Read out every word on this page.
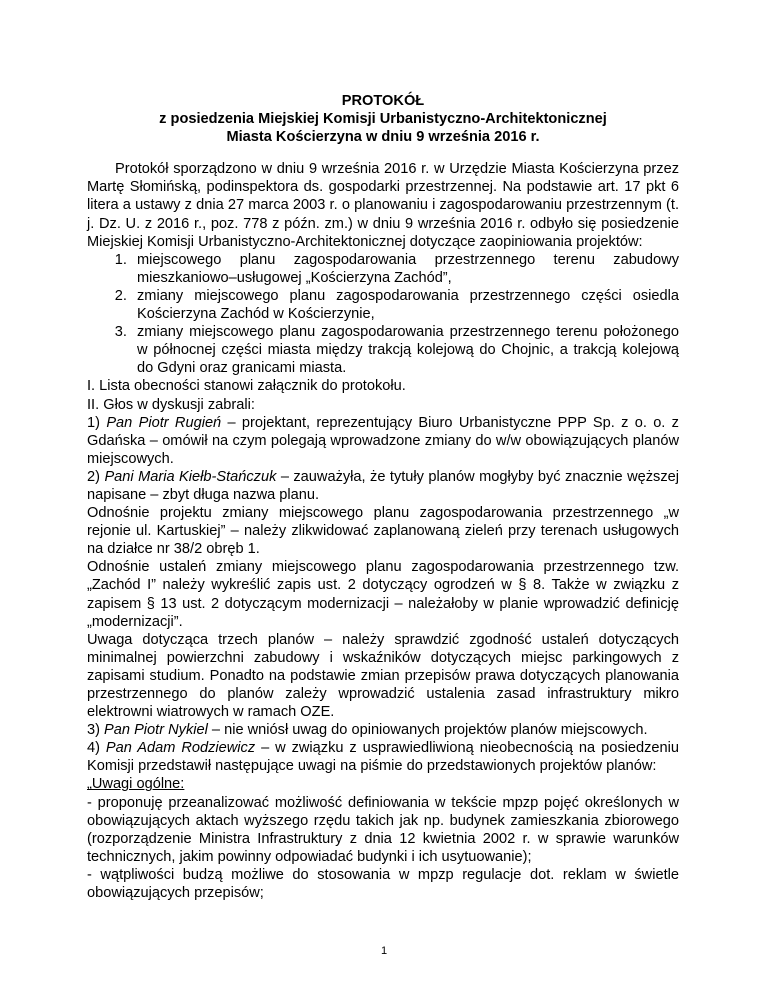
PROTOKÓŁ
z posiedzenia Miejskiej Komisji Urbanistyczno-Architektonicznej
Miasta Kościerzyna w dniu 9 września 2016 r.

Protokół sporządzono w dniu 9 września 2016 r. w Urzędzie Miasta Kościerzyna przez Martę Słomińską, podinspektora ds. gospodarki przestrzennej. Na podstawie art. 17 pkt 6 litera a ustawy z dnia 27 marca 2003 r. o planowaniu i zagospodarowaniu przestrzennym (t. j. Dz. U. z 2016 r., poz. 778 z późn. zm.) w dniu 9 września 2016 r. odbyło się posiedzenie Miejskiej Komisji Urbanistyczno-Architektonicznej dotyczące zaopiniowania projektów:

1. miejscowego planu zagospodarowania przestrzennego terenu zabudowy mieszkaniowo–usługowej „Kościerzyna Zachód”,
2. zmiany miejscowego planu zagospodarowania przestrzennego części osiedla Kościerzyna Zachód w Kościerzynie,
3. zmiany miejscowego planu zagospodarowania przestrzennego terenu położonego w północnej części miasta między trakcją kolejową do Chojnic, a trakcją kolejową do Gdyni oraz granicami miasta.

I. Lista obecności stanowi załącznik do protokołu.

II. Głos w dyskusji zabrali:

1) Pan Piotr Rugień – projektant, reprezentujący Biuro Urbanistyczne PPP Sp. z o. o. z Gdańska – omówił na czym polegają wprowadzone zmiany do w/w obowiązujących planów miejscowych.

2) Pani Maria Kiełb-Stańczuk – zauważyła, że tytuły planów mogłyby być znacznie węższej napisane – zbyt długa nazwa planu.

Odnośnie projektu zmiany miejscowego planu zagospodarowania przestrzennego „w rejonie ul. Kartuskiej” – należy zlikwidować zaplanowaną zieleń przy terenach usługowych na działce nr 38/2 obręb 1.

Odnośnie ustaleń zmiany miejscowego planu zagospodarowania przestrzennego tzw. „Zachód I” należy wykreślić zapis ust. 2 dotyczący ogrodzeń w § 8. Także w związku z zapisem § 13 ust. 2 dotyczącym modernizacji – należałoby w planie wprowadzić definicję „modernizacji”.

Uwaga dotycząca trzech planów – należy sprawdzić zgodność ustaleń dotyczących minimalnej powierzchni zabudowy i wskaźników dotyczących miejsc parkingowych z zapisami studium. Ponadto na podstawie zmian przepisów prawa dotyczących planowania przestrzennego do planów zależy wprowadzić ustalenia zasad infrastruktury mikro elektrowni wiatrowych w ramach OZE.

3) Pan Piotr Nykiel – nie wniósł uwag do opiniowanych projektów planów miejscowych.

4) Pan Adam Rodziewicz – w związku z usprawiedliwioną nieobecnością na posiedzeniu Komisji przedstawił następujące uwagi na piśmie do przedstawionych projektów planów:

„Uwagi ogólne:

- proponuję przeanalizować możliwość definiowania w tekście mpzp pojęć określonych w obowiązujących aktach wyższego rzędu takich jak np. budynek zamieszkania zbiorowego (rozporządzenie Ministra Infrastruktury z dnia 12 kwietnia 2002 r. w sprawie warunków technicznych, jakim powinny odpowiadać budynki i ich usytuowanie);

- wątpliwości budzą możliwe do stosowania w mpzp regulacje dot. reklam w świetle obowiązujących przepisów;

1
